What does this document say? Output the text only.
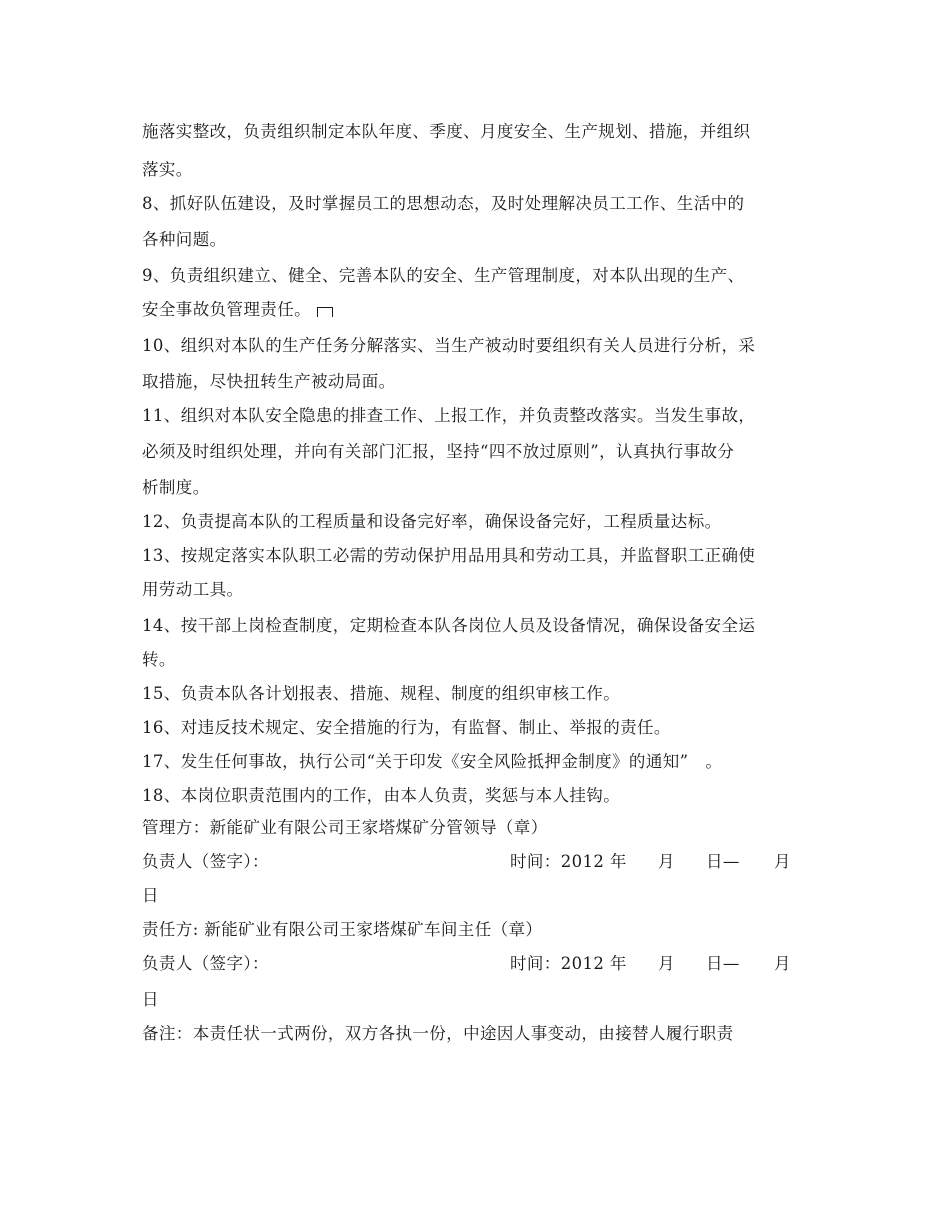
施落实整改，负责组织制定本队年度、季度、月度安全、生产规划、措施，并组织
落实。
8、抓好队伍建设，及时掌握员工的思想动态，及时处理解决员工工作、生活中的
各种问题。
9、负责组织建立、健全、完善本队的安全、生产管理制度，对本队出现的生产、
安全事故负管理责任。
10、组织对本队的生产任务分解落实、当生产被动时要组织有关人员进行分析，采
取措施，尽快扭转生产被动局面。
11、组织对本队安全隐患的排查工作、上报工作，并负责整改落实。当发生事故，
必须及时组织处理，并向有关部门汇报，坚持“四不放过原则”，认真执行事故分
析制度。
12、负责提高本队的工程质量和设备完好率，确保设备完好，工程质量达标。
13、按规定落实本队职工必需的劳动保护用品用具和劳动工具，并监督职工正确使
用劳动工具。
14、按干部上岗检查制度，定期检查本队各岗位人员及设备情况，确保设备安全运
转。
15、负责本队各计划报表、措施、规程、制度的组织审核工作。
16、对违反技术规定、安全措施的行为，有监督、制止、举报的责任。
17、发生任何事故，执行公司“关于印发《安全风险抵押金制度》的通知”　。
18、本岗位职责范围内的工作，由本人负责，奖惩与本人挂钩。
管理方：新能矿业有限公司王家塔煤矿分管领导（章）
负责人（签字）：	时间：2012 年 月 日— 月
日
责任方: 新能矿业有限公司王家塔煤矿车间主任（章）
负责人（签字）：	时间：2012 年 月 日— 月
日
备注：本责任状一式两份，双方各执一份，中途因人事变动，由接替人履行职责
